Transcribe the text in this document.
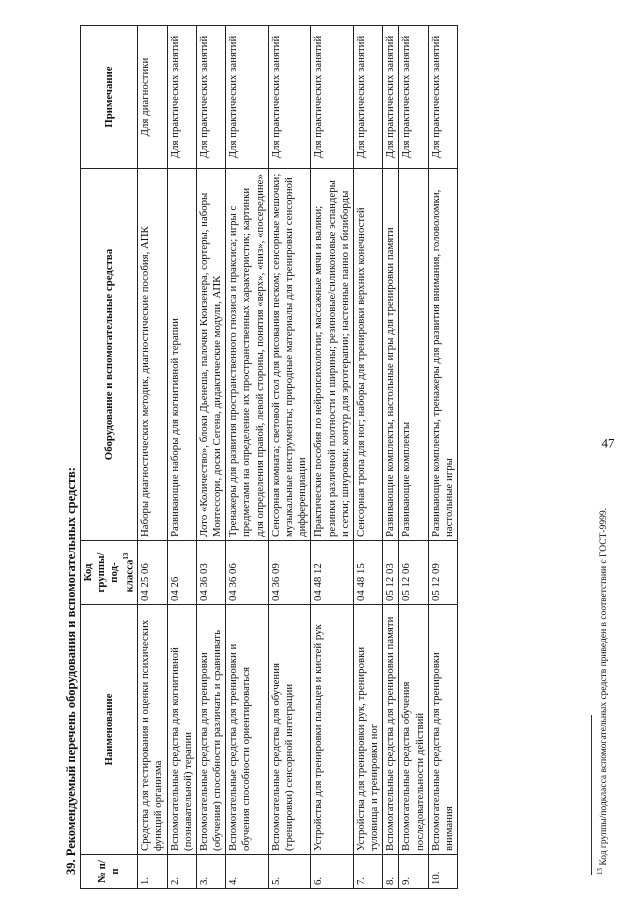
47
39. Рекомендуемый перечень оборудования и вспомогательных средств: № п/п	Наименование	Код группы/под-класса$^{13}$	Оборудование и вспомогательные средства	Примечание
1.	Средства для тестирования и оценки психических функций организма	04 25 06	Наборы диагностических методик, диагностические пособия, АПК	Для диагностики
2.	Вспомогательные средства для когнитивной (познавательной) терапии	04 26	Развивающие наборы для когнитивной терапии	Для практических занятий
3.	Вспомогательные средства для тренировки (обучения) способности различать и сравнивать	04 36 03	Лото «Количество», блоки Дьенеша, палочки Кюизенера, сортеры, наборы Монтессори, доски Сегена, дидактические модули, АПК	Для практических занятий
4.	Вспомогательные средства для тренировки и обучения способности ориентироваться	04 36 06	Тренажеры для развития пространственного гнозиса и праксиса; игры с предметами на определение их пространственных характеристик; картинки для определения правой, левой стороны, понятия «верх», «низ», «посередине»	Для практических занятий
5.	Вспомогательные средства для обучения (тренировки) сенсорной интеграции	04 36 09	Сенсорная комната; световой стол для рисования песком; сенсорные мешочки; музыкальные инструменты; природные материалы для тренировки сенсорной дифференциации	Для практических занятий
6.	Устройства для тренировки пальцев и кистей рук	04 48 12	Практические пособия по нейропсихологии; массажные мячи и валики; резинки различной плотности и ширины; резиновые/силиконовые эспандеры и сетки; шнуровки; контур для эрготерапии; настенные панно и бизиборды	Для практических занятий
7.	Устройства для тренировки рук, тренировки туловища и тренировки ног	04 48 15	Сенсорная тропа для ног; наборы для тренировки верхних конечностей	Для практических занятий
8.	Вспомогательные средства для тренировки памяти	05 12 03	Развивающие комплекты, настольные игры для тренировки памяти	Для практических занятий
9.	Вспомогательные средства обучения последовательности действий	05 12 06	Развивающие комплекты	Для практических занятий
10.	Вспомогательные средства для тренировки внимания	05 12 09	Развивающие комплекты, тренажеры для развития внимания, головоломки, настольные игры	Для практических занятий
$^{13}$ Код группы/подкласса вспомогательных средств приведен в соответствии с ГОСТ-9999.
